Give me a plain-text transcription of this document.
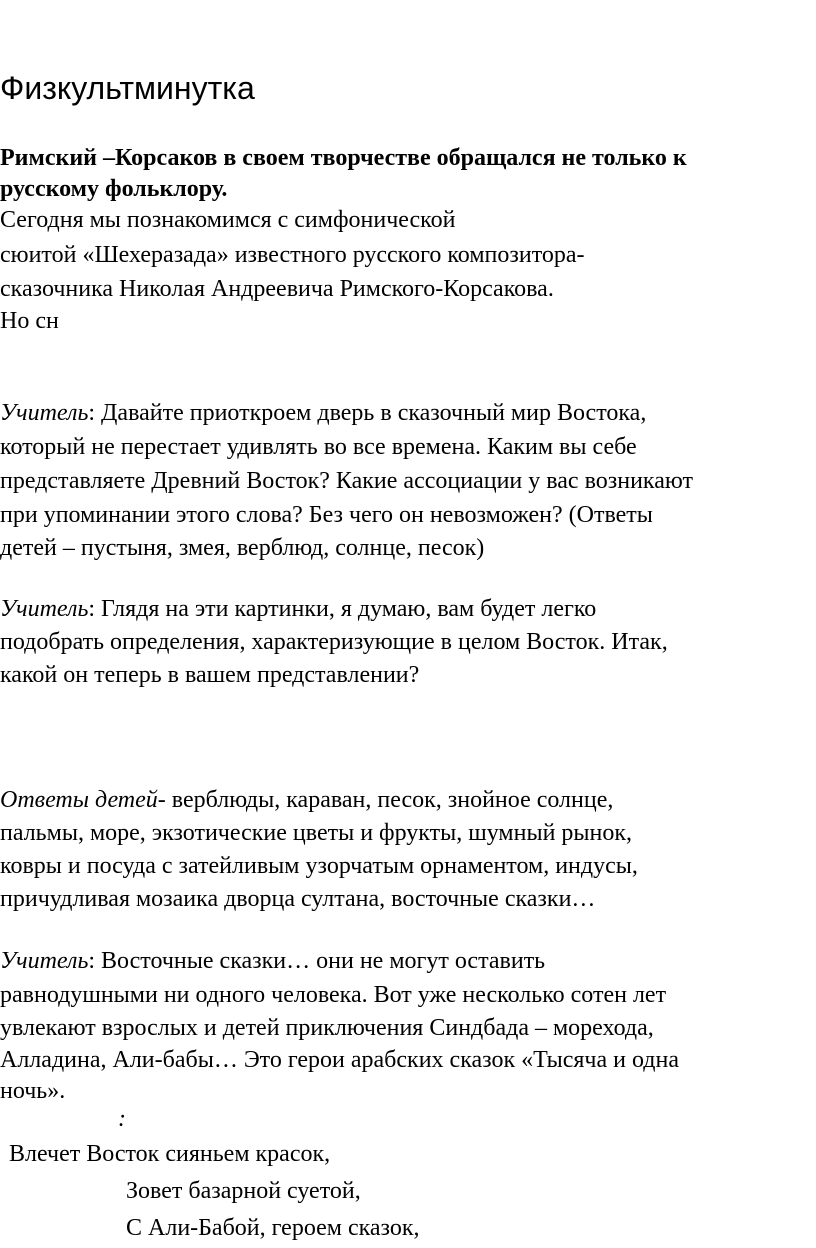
Физкультминутка
Римский –Корсаков в своем творчестве обращался не только к
русскому фольклору.
Сегодня мы познакомимся с симфонической
сюитой «Шехеразада» известного русского композитора-
сказочника Николая Андреевича Римского-Корсакова.
Но сн
Учитель: Давайте приоткроем дверь в сказочный мир Востока,
который не перестает удивлять во все времена. Каким вы себе
представляете Древний Восток? Какие ассоциации у вас возникают
при упоминании этого слова? Без чего он невозможен? (Ответы
детей – пустыня, змея, верблюд, солнце, песок)
Учитель: Глядя на эти картинки, я думаю, вам будет легко
подобрать определения, характеризующие в целом Восток. Итак,
какой он теперь в вашем представлении?
Ответы детей- верблюды, караван, песок, знойное солнце,
пальмы, море, экзотические цветы и фрукты, шумный рынок,
ковры и посуда с затейливым узорчатым орнаментом, индусы,
причудливая мозаика дворца султана, восточные сказки…
Учитель: Восточные сказки… они не могут оставить
равнодушными ни одного человека. Вот уже несколько сотен лет
увлекают взрослых и детей приключения Синдбада – морехода,
Алладина, Али-бабы… Это герои арабских сказок «Тысяча и одна
ночь».
:
Влечет Восток сияньем красок,
Зовет базарной суетой,
С Али-Бабой, героем сказок,
